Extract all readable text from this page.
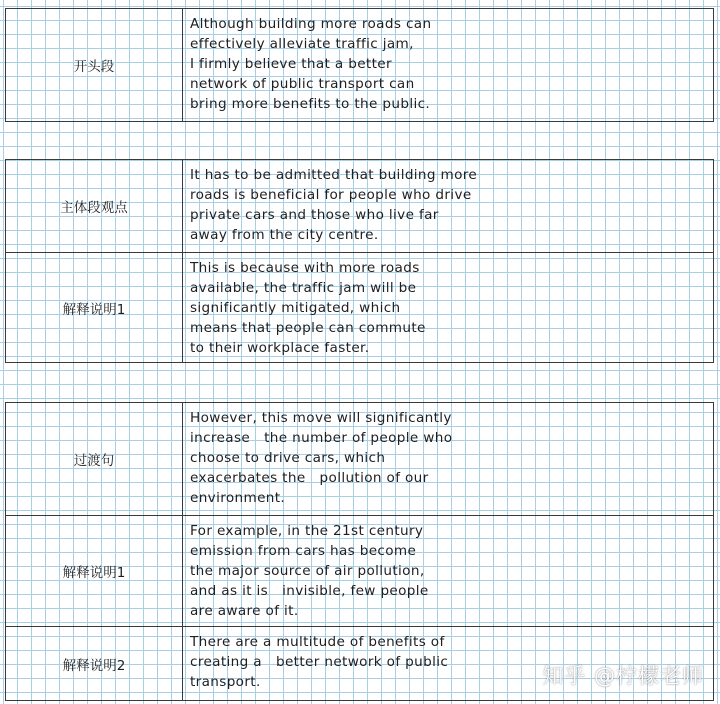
开头段
Although building more roads can
effectively alleviate traffic jam,
I firmly believe that a better
network of public transport can
bring more benefits to the public.
主体段观点
It has to be admitted that building more
roads is beneficial for people who drive
private cars and those who live far
away from the city centre.
解释说明1
This is because with more roads
available, the traffic jam will be
significantly mitigated, which
means that people can commute
to their workplace faster.
过渡句
However, this move will significantly
increase   the number of people who
choose to drive cars, which
exacerbates the   pollution of our
environment.
解释说明1
For example, in the 21st century
emission from cars has become
the major source of air pollution,
and as it is   invisible, few people
are aware of it.
解释说明2
There are a multitude of benefits of
creating a   better network of public
transport.	知乎 @柠檬老师
